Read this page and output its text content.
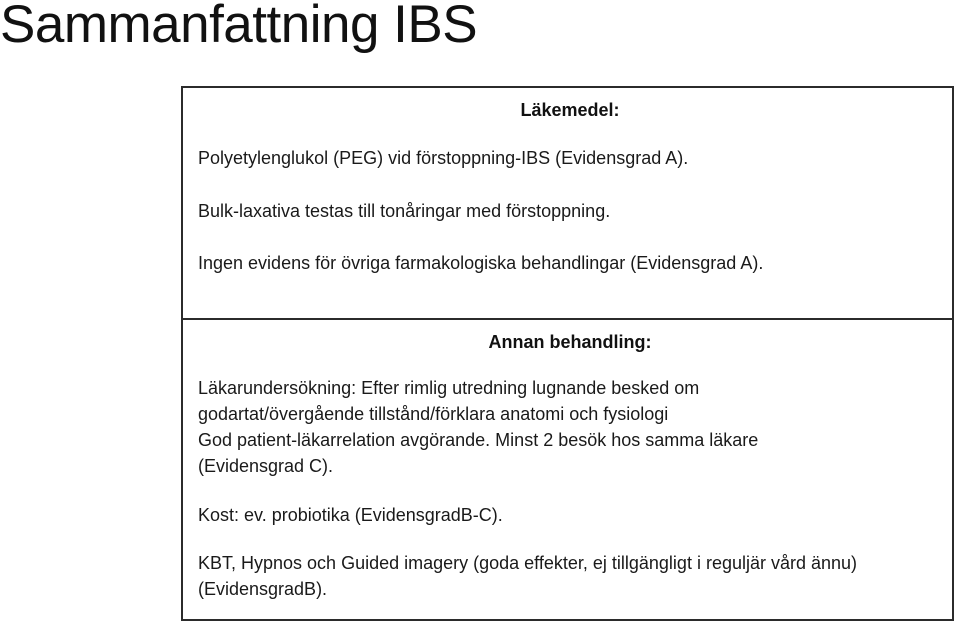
Sammanfattning IBS

Läkemedel:

Polyetylenglukol (PEG) vid förstoppning-IBS (Evidensgrad A).

Bulk-laxativa testas till tonåringar med förstoppning.

Ingen evidens för övriga farmakologiska behandlingar (Evidensgrad A).

Annan behandling:

Läkarundersökning: Efter rimlig utredning lugnande besked om

godartat/övergående tillstånd/förklara anatomi och fysiologi

God patient-läkarrelation avgörande. Minst 2 besök hos samma läkare

(Evidensgrad C).

Kost: ev. probiotika (EvidensgradB-C).

KBT, Hypnos och Guided imagery (goda effekter, ej tillgängligt i reguljär vård ännu)

(EvidensgradB).
